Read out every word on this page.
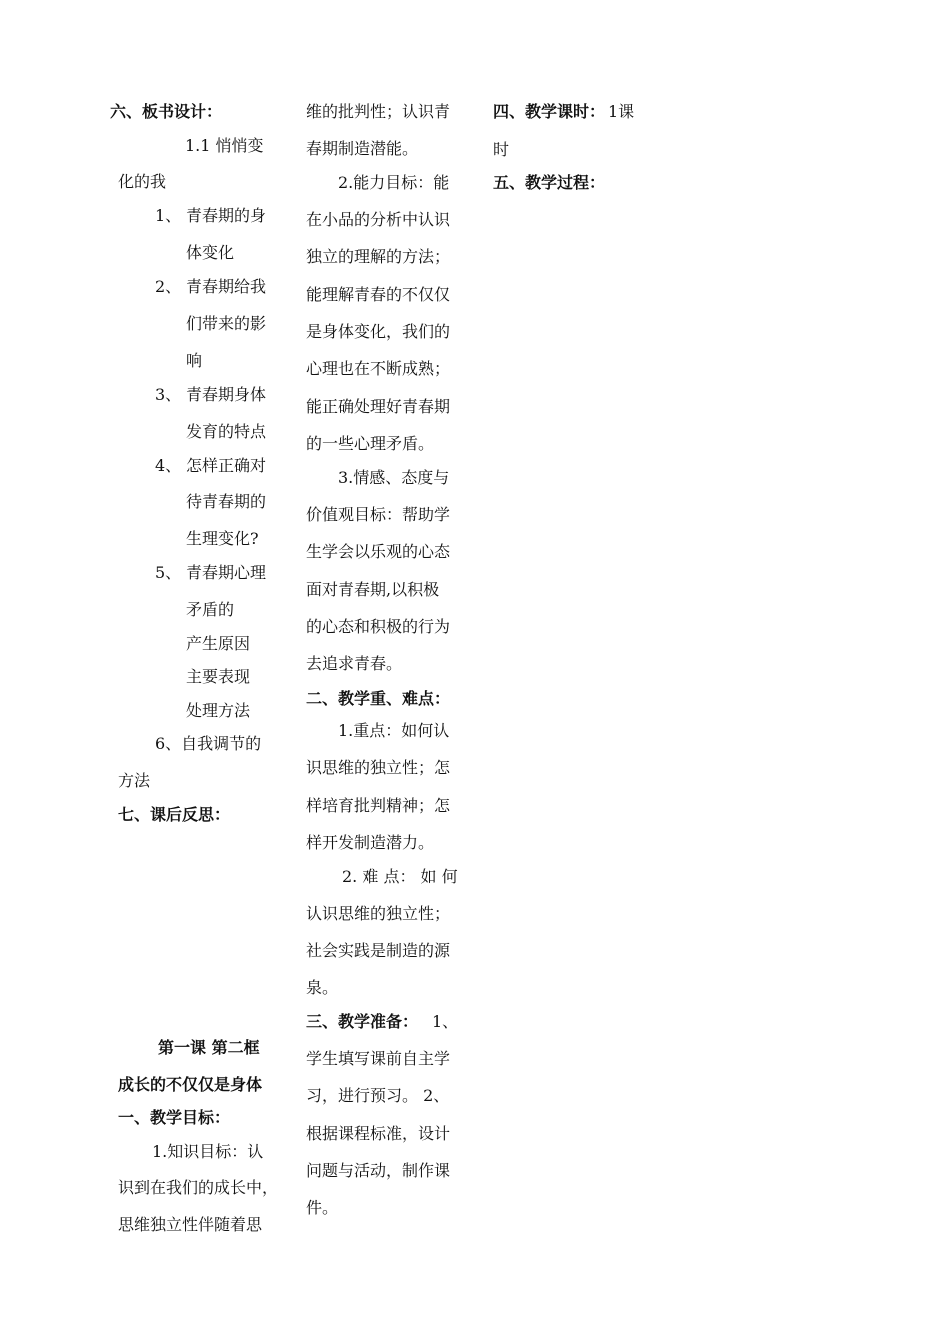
六、板书设计：
1.1 悄悄变
化的我
1、 青春期的身
体变化
2、 青春期给我
们带来的影
响
3、 青春期身体
发育的特点
4、 怎样正确对
待青春期的
生理变化?
5、 青春期心理
矛盾的
产生原因
主要表现
处理方法
6、自我调节的
方法
七、课后反思：
第一课 第二框
成长的不仅仅是身体
一、教学目标：
1.知识目标：认
识到在我们的成长中，
思维独立性伴随着思
维的批判性；认识青
春期制造潜能。
2.能力目标：能
在小品的分析中认识
独立的理解的方法；
能理解青春的不仅仅
是身体变化，我们的
心理也在不断成熟；
能正确处理好青春期
的一些心理矛盾。
3.情感、态度与
价值观目标：帮助学
生学会以乐观的心态
面对青春期,以积极
的心态和积极的行为
去追求青春。
二、教学重、难点：
1.重点：如何认
识思维的独立性；怎
样培育批判精神；怎
样开发制造潜力。
2. 难 点： 如 何
认识思维的独立性；
社会实践是制造的源
泉。
三、教学准备： 1、
学生填写课前自主学
习，进行预习。 2、
根据课程标准，设计
问题与活动，制作课
件。
四、教学课时： 1课
时
五、教学过程：
